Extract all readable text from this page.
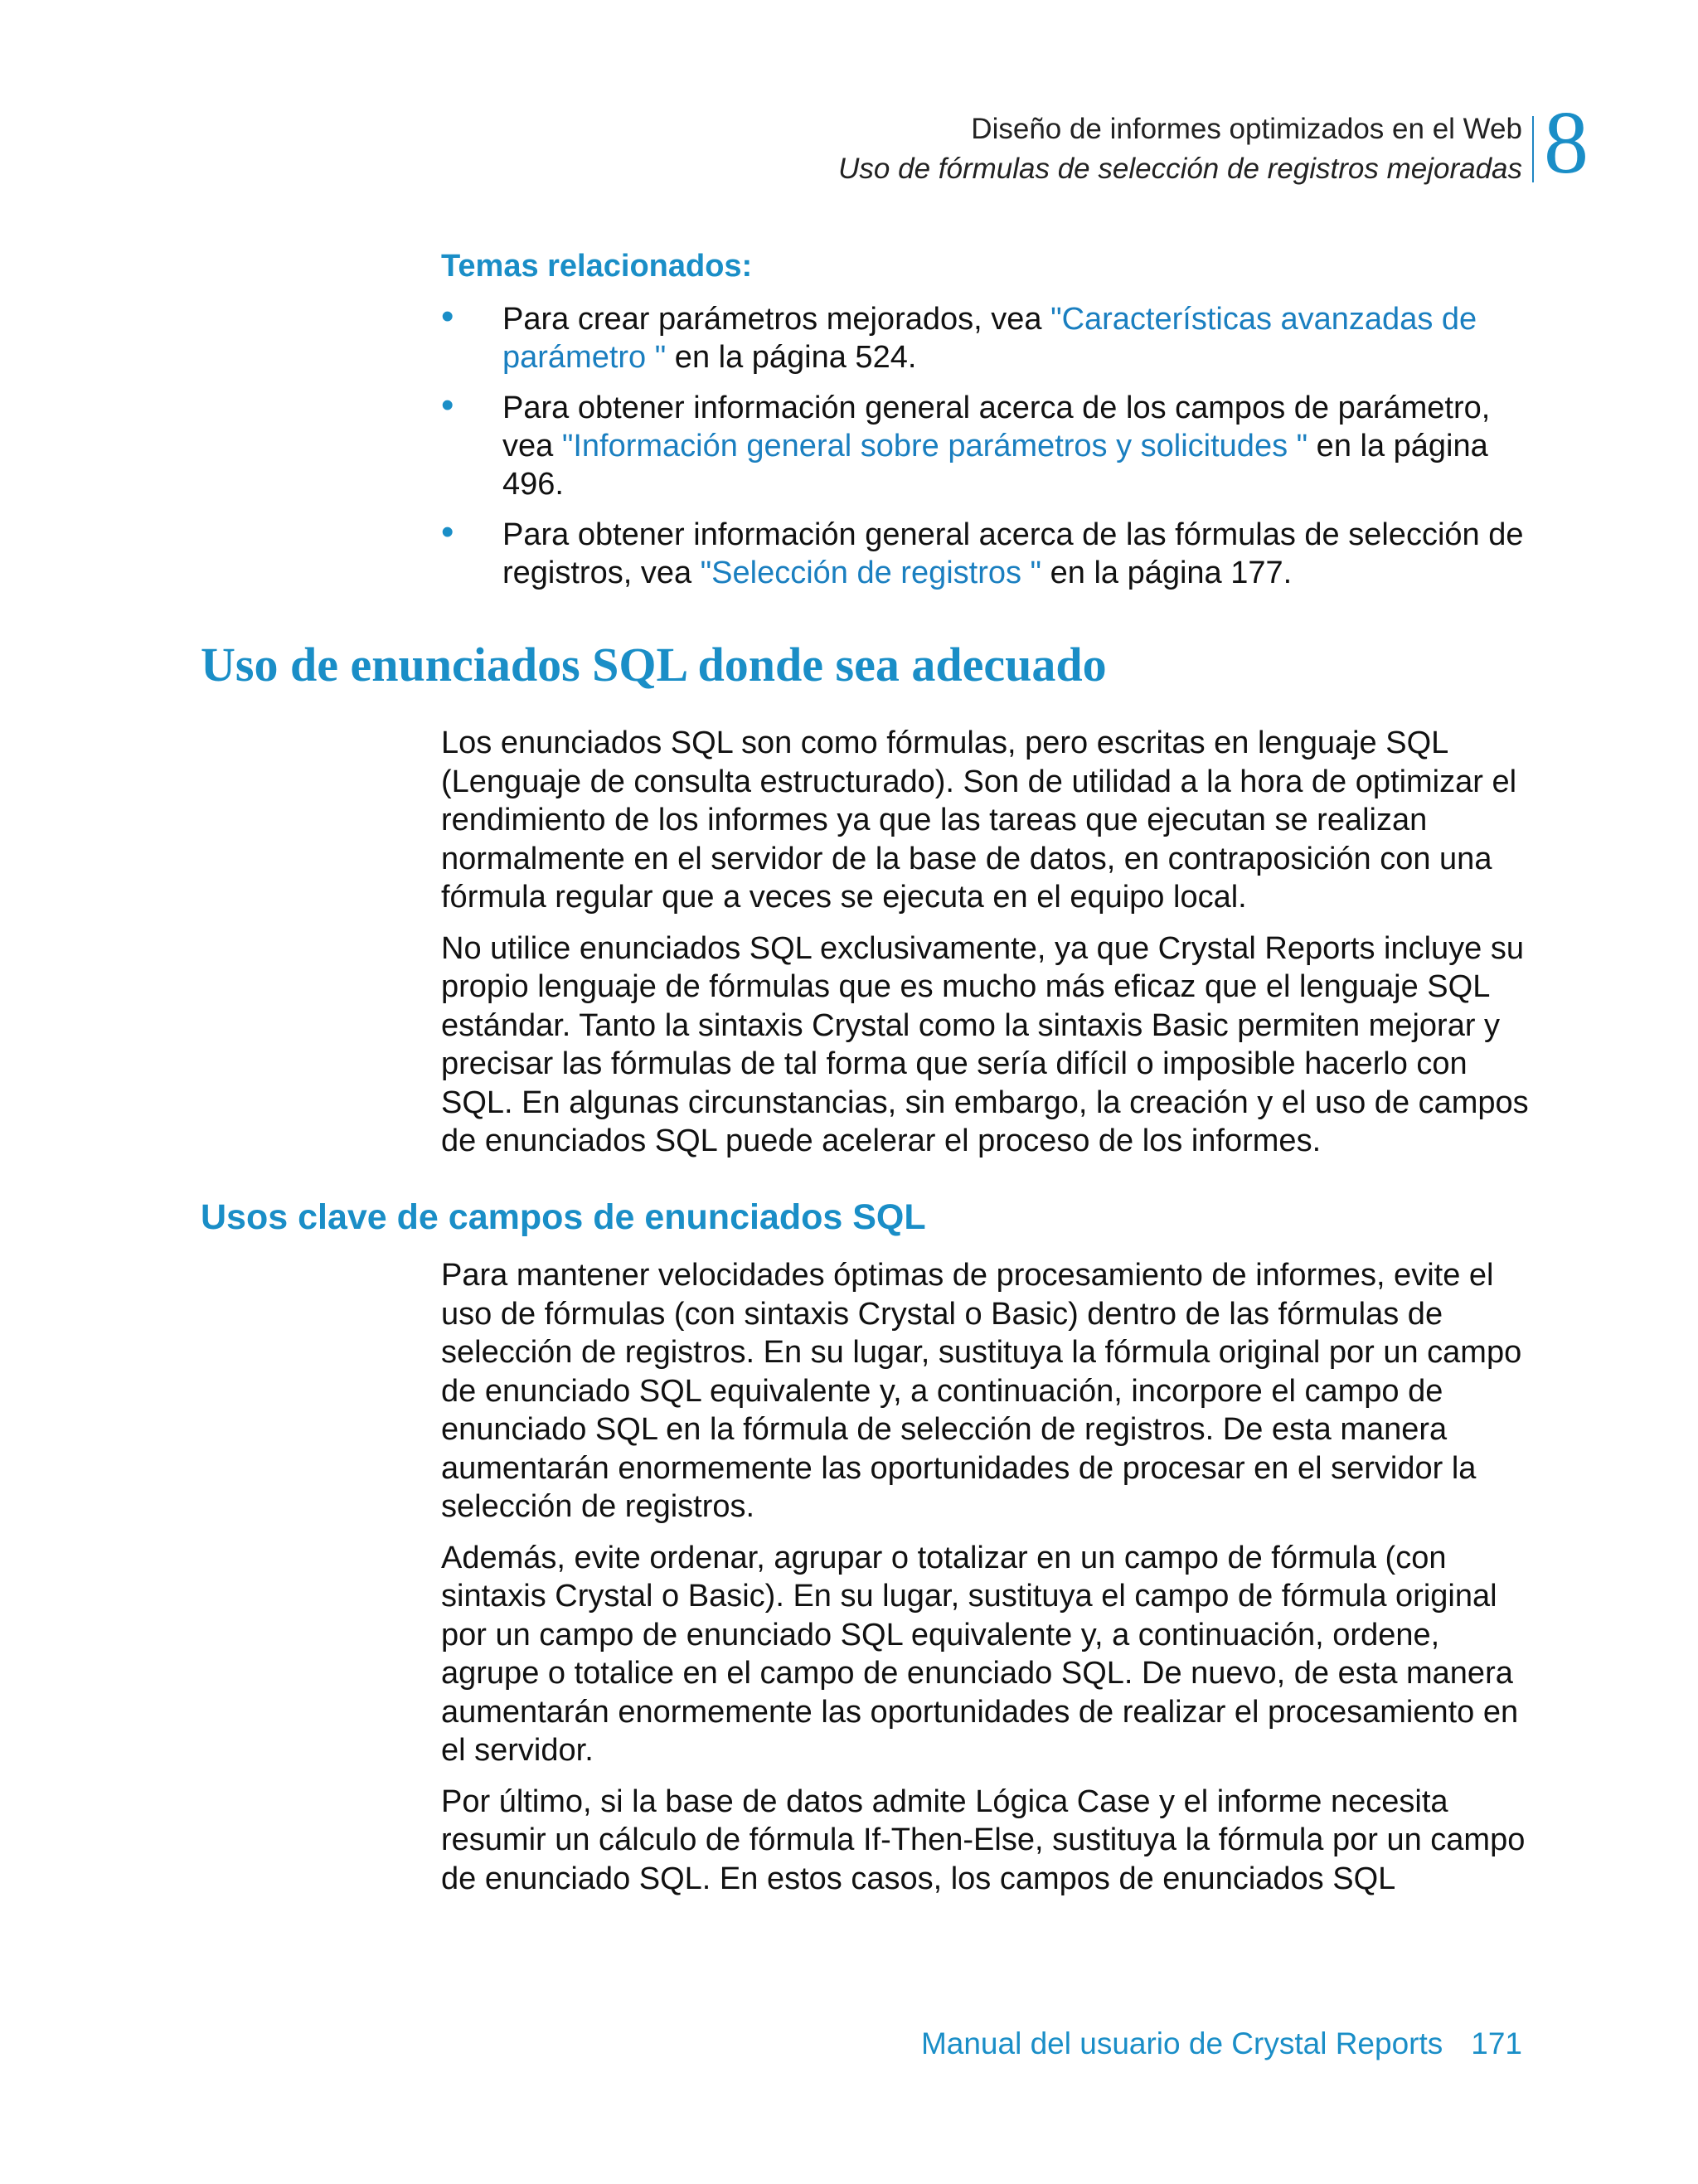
Diseño de informes optimizados en el Web
Uso de fórmulas de selección de registros mejoradas 8
Temas relacionados:
• Para crear parámetros mejorados, vea "Características avanzadas de parámetro " en la página 524.
• Para obtener información general acerca de los campos de parámetro, vea "Información general sobre parámetros y solicitudes " en la página 496.
• Para obtener información general acerca de las fórmulas de selección de registros, vea "Selección de registros " en la página 177.
Uso de enunciados SQL donde sea adecuado

Los enunciados SQL son como fórmulas, pero escritas en lenguaje SQL (Lenguaje de consulta estructurado). Son de utilidad a la hora de optimizar el rendimiento de los informes ya que las tareas que ejecutan se realizan normalmente en el servidor de la base de datos, en contraposición con una fórmula regular que a veces se ejecuta en el equipo local.

No utilice enunciados SQL exclusivamente, ya que Crystal Reports incluye su propio lenguaje de fórmulas que es mucho más eficaz que el lenguaje SQL estándar. Tanto la sintaxis Crystal como la sintaxis Basic permiten mejorar y precisar las fórmulas de tal forma que sería difícil o imposible hacerlo con SQL. En algunas circunstancias, sin embargo, la creación y el uso de campos de enunciados SQL puede acelerar el proceso de los informes.

Usos clave de campos de enunciados SQL

Para mantener velocidades óptimas de procesamiento de informes, evite el uso de fórmulas (con sintaxis Crystal o Basic) dentro de las fórmulas de selección de registros. En su lugar, sustituya la fórmula original por un campo de enunciado SQL equivalente y, a continuación, incorpore el campo de enunciado SQL en la fórmula de selección de registros. De esta manera aumentarán enormemente las oportunidades de procesar en el servidor la selección de registros.

Además, evite ordenar, agrupar o totalizar en un campo de fórmula (con sintaxis Crystal o Basic). En su lugar, sustituya el campo de fórmula original por un campo de enunciado SQL equivalente y, a continuación, ordene, agrupe o totalice en el campo de enunciado SQL. De nuevo, de esta manera aumentarán enormemente las oportunidades de realizar el procesamiento en el servidor.

Por último, si la base de datos admite Lógica Case y el informe necesita resumir un cálculo de fórmula If-Then-Else, sustituya la fórmula por un campo de enunciado SQL. En estos casos, los campos de enunciados SQL

Manual del usuario de Crystal Reports 171
